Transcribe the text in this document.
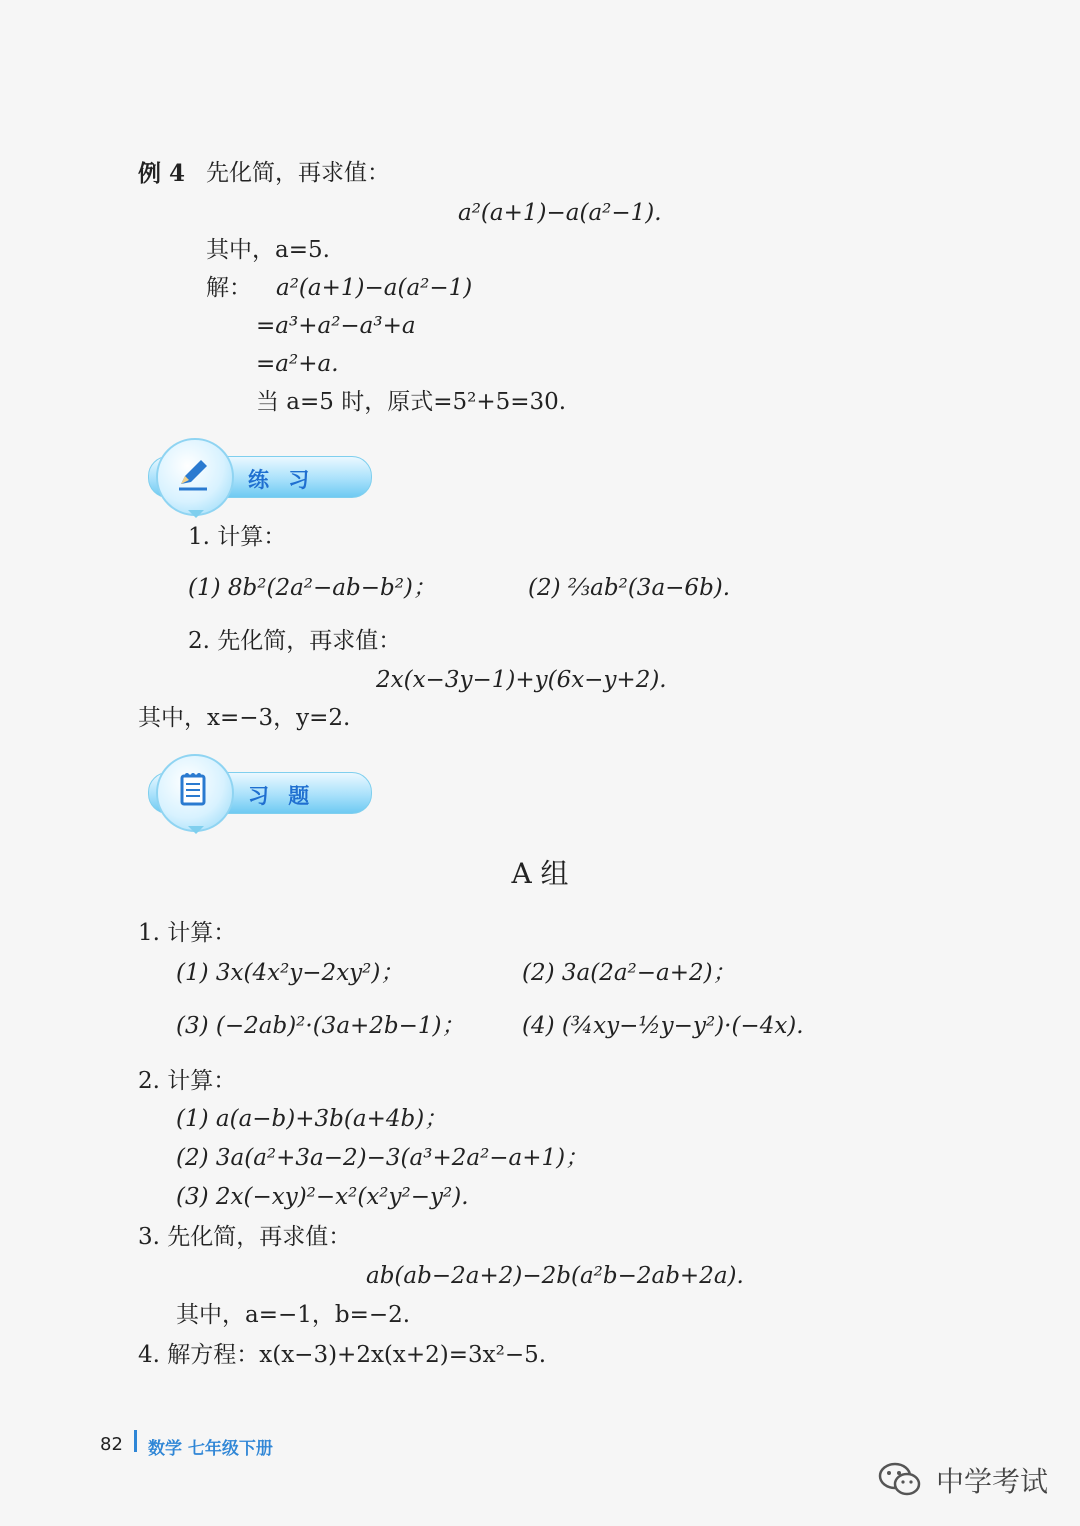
例 4 先化简，再求值：
a²(a+1)−a(a²−1).
其中，a=5.
解： a²(a+1)−a(a²−1)
=a³+a²−a³+a
=a²+a.
当 a=5 时，原式=5²+5=30.
练 习
1. 计算：
(1) 8b²(2a²−ab−b²)；	(2) ⅔ab²(3a−6b).
2. 先化简，再求值：
2x(x−3y−1)+y(6x−y+2).
其中，x=−3，y=2.
习 题
A 组
1. 计算：
(1) 3x(4x²y−2xy²)；	(2) 3a(2a²−a+2)；
(3) (−2ab)²·(3a+2b−1)； (4) (¾xy−½y−y²)·(−4x).
2. 计算：
(1) a(a−b)+3b(a+4b)；
(2) 3a(a²+3a−2)−3(a³+2a²−a+1)；
(3) 2x(−xy)²−x²(x²y²−y²).
3. 先化简，再求值：
ab(ab−2a+2)−2b(a²b−2ab+2a).
其中，a=−1，b=−2.
4. 解方程：x(x−3)+2x(x+2)=3x²−5.
82 数学 七年级下册
中学考试
